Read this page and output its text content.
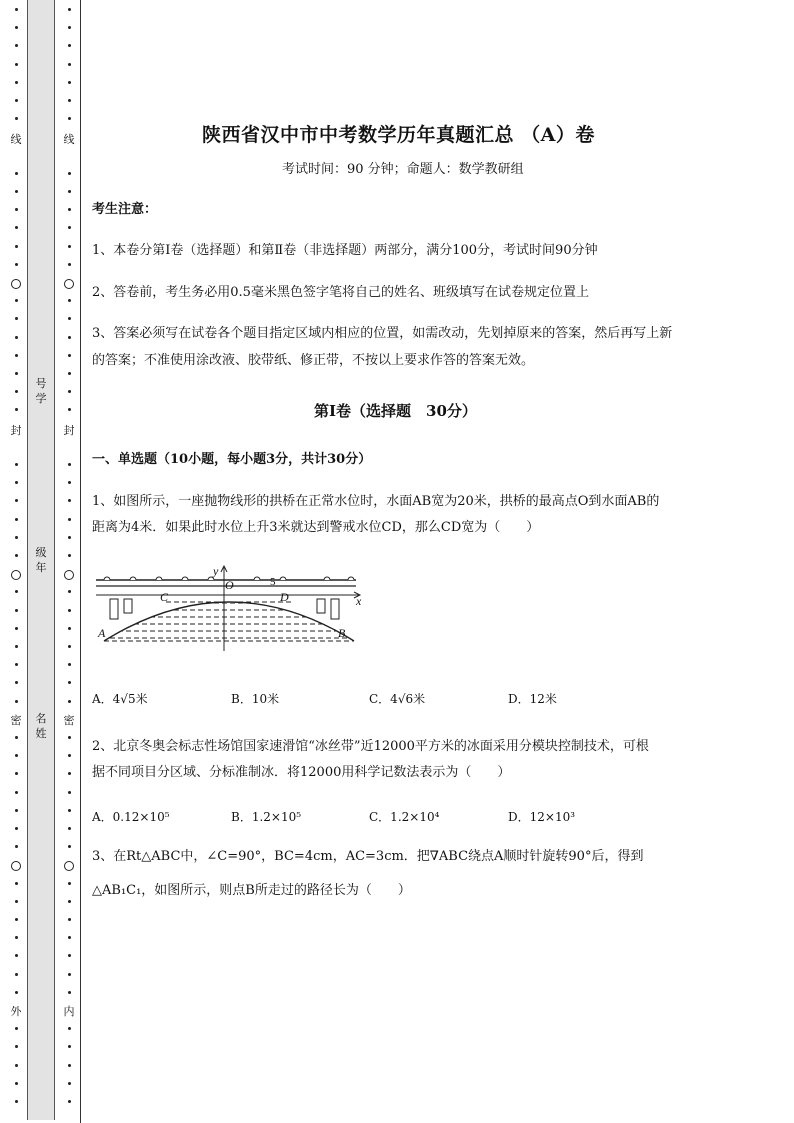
线
封
密
外
线
封
密
内
号学
级年
名姓
陕西省汉中市中考数学历年真题汇总 （A）卷
考试时间：90 分钟；命题人：数学教研组
考生注意：
1、本卷分第Ⅰ卷（选择题）和第Ⅱ卷（非选择题）两部分，满分100分，考试时间90分钟
2、答卷前，考生务必用0.5毫米黑色签字笔将自己的姓名、班级填写在试卷规定位置上
3、答案必须写在试卷各个题目指定区域内相应的位置，如需改动，先划掉原来的答案，然后再写上新
的答案；不准使用涂改液、胶带纸、修正带，不按以上要求作答的答案无效。
第Ⅰ卷（选择题　30分）
一、单选题（10小题，每小题3分，共计30分）
1、如图所示，一座抛物线形的拱桥在正常水位时，水面AB宽为20米，拱桥的最高点O到水面AB的
距离为4米．如果此时水位上升3米就达到警戒水位CD，那么CD宽为（　　）
y
O
x
C	D
A	B
5
A．4√5米	B．10米	C．4√6米	D．12米
2、北京冬奥会标志性场馆国家速滑馆“冰丝带”近12000平方米的冰面采用分模块控制技术，可根
据不同项目分区域、分标准制冰．将12000用科学记数法表示为（　　）
A．0.12×10⁵	B．1.2×10⁵	C．1.2×10⁴	D．12×10³
3、在Rt△ABC中，∠C=90°，BC=4cm，AC=3cm．把∇ABC绕点A顺时针旋转90°后，得到
△AB₁C₁，如图所示，则点B所走过的路径长为（　　）
